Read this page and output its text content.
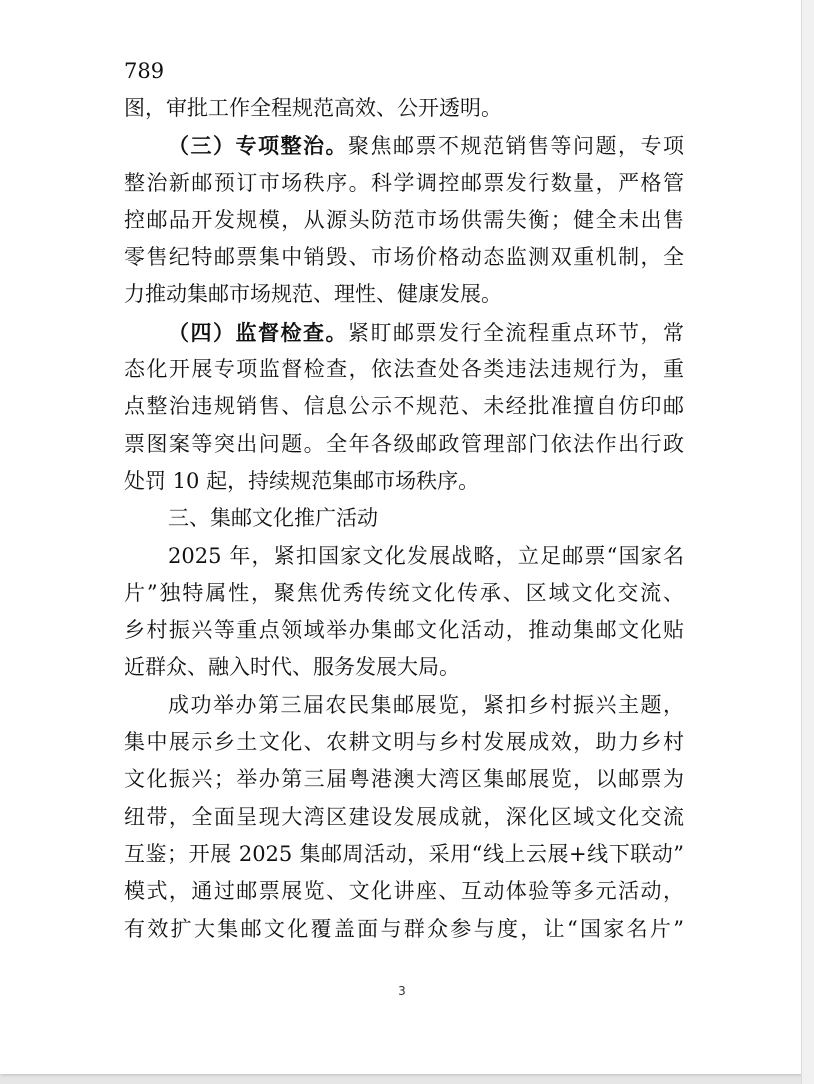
789
图，审批工作全程规范高效、公开透明。
（三）专项整治。聚焦邮票不规范销售等问题，专项
整治新邮预订市场秩序。科学调控邮票发行数量，严格管
控邮品开发规模，从源头防范市场供需失衡；健全未出售
零售纪特邮票集中销毁、市场价格动态监测双重机制，全
力推动集邮市场规范、理性、健康发展。
（四）监督检查。紧盯邮票发行全流程重点环节，常
态化开展专项监督检查，依法查处各类违法违规行为，重
点整治违规销售、信息公示不规范、未经批准擅自仿印邮
票图案等突出问题。全年各级邮政管理部门依法作出行政
处罚 10 起，持续规范集邮市场秩序。
三、集邮文化推广活动
2025 年，紧扣国家文化发展战略，立足邮票“国家名
片”独特属性，聚焦优秀传统文化传承、区域文化交流、
乡村振兴等重点领域举办集邮文化活动，推动集邮文化贴
近群众、融入时代、服务发展大局。
成功举办第三届农民集邮展览，紧扣乡村振兴主题，
集中展示乡土文化、农耕文明与乡村发展成效，助力乡村
文化振兴；举办第三届粤港澳大湾区集邮展览，以邮票为
纽带，全面呈现大湾区建设发展成就，深化区域文化交流
互鉴；开展 2025 集邮周活动，采用“线上云展+线下联动”
模式，通过邮票展览、文化讲座、互动体验等多元活动，
有效扩大集邮文化覆盖面与群众参与度，让“国家名片”
3
